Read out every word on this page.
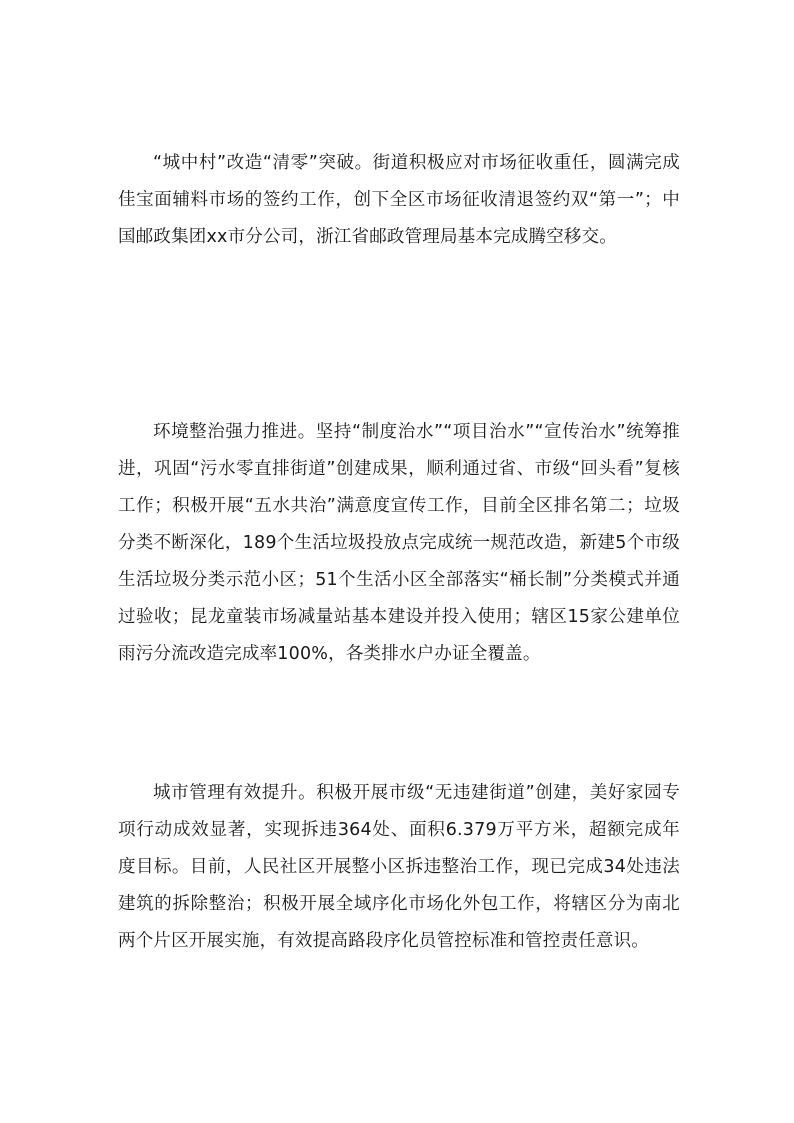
“城中村”改造“清零”突破。街道积极应对市场征收重任，圆满完成佳宝面辅料市场的签约工作，创下全区市场征收清退签约双“第一”；中国邮政集团xx市分公司，浙江省邮政管理局基本完成腾空移交。

环境整治强力推进。坚持“制度治水”“项目治水”“宣传治水”统筹推进，巩固“污水零直排街道”创建成果，顺利通过省、市级“回头看”复核工作；积极开展“五水共治”满意度宣传工作，目前全区排名第二；垃圾分类不断深化，189个生活垃圾投放点完成统一规范改造，新建5个市级生活垃圾分类示范小区；51个生活小区全部落实“桶长制”分类模式并通过验收；昆龙童装市场减量站基本建设并投入使用；辖区15家公建单位雨污分流改造完成率100%，各类排水户办证全覆盖。

城市管理有效提升。积极开展市级“无违建街道”创建，美好家园专项行动成效显著，实现拆违364处、面积6.379万平方米，超额完成年度目标。目前，人民社区开展整小区拆违整治工作，现已完成34处违法建筑的拆除整治；积极开展全域序化市场化外包工作，将辖区分为南北两个片区开展实施，有效提高路段序化员管控标准和管控责任意识。
